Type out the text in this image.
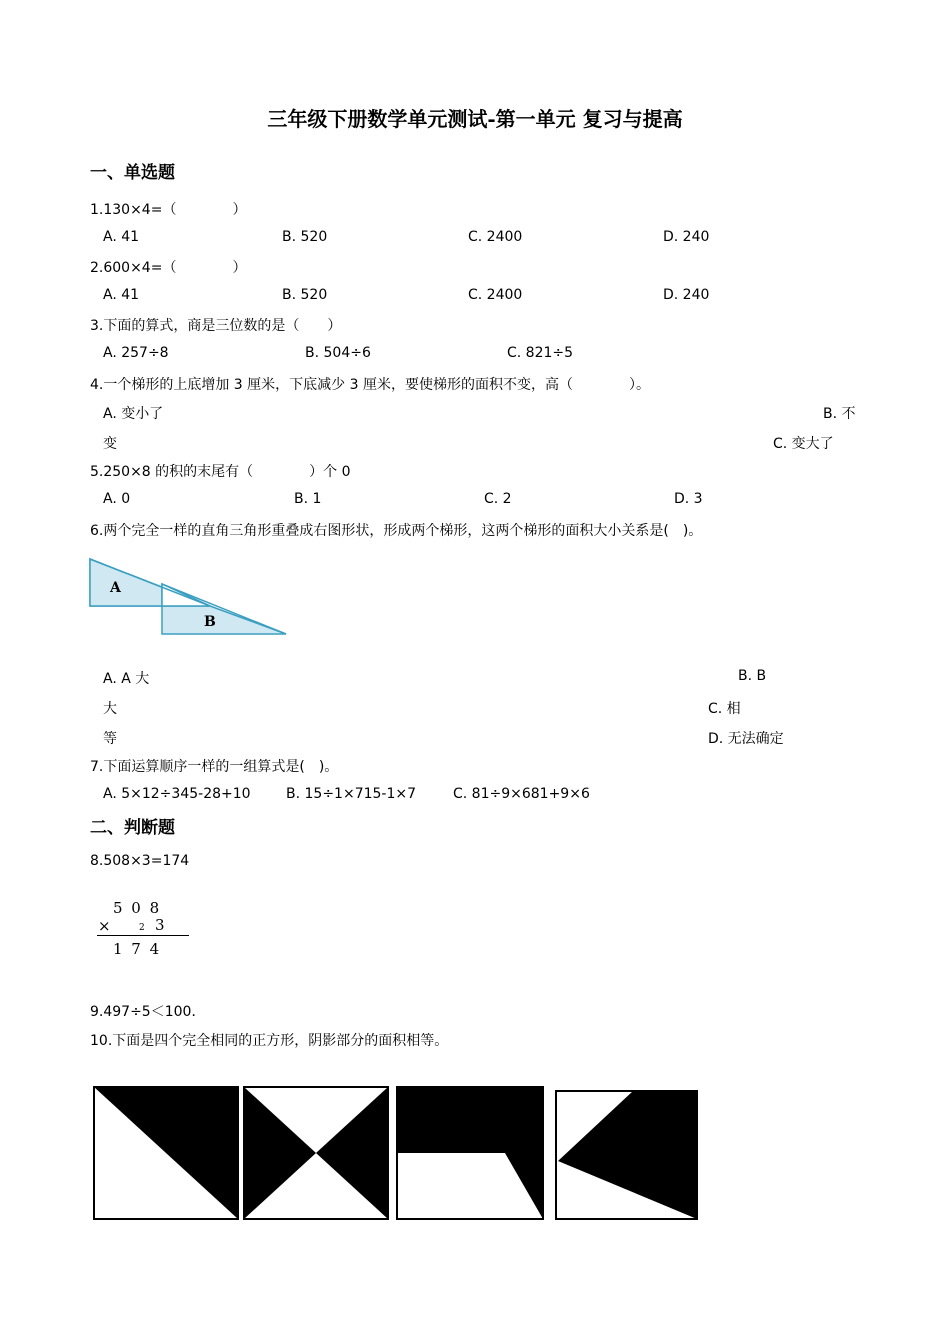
三年级下册数学单元测试-第一单元 复习与提高
一、单选题
1.130×4=（　　　　）
A. 41	B. 520	C. 2400	D. 240
2.600×4=（　　　　）
A. 41	B. 520	C. 2400	D. 240
3.下面的算式，商是三位数的是（　　）
A. 257÷8	B. 504÷6	C. 821÷5
4.一个梯形的上底增加 3 厘米，下底减少 3 厘米，要使梯形的面积不变，高（　　　　）。
A. 变小了	B. 不
变	C. 变大了
5.250×8 的积的末尾有（　　　　）个 0
A. 0	B. 1	C. 2	D. 3
6.两个完全一样的直角三角形重叠成右图形状，形成两个梯形，这两个梯形的面积大小关系是(　)。
A
B
A. A 大	B. B
大	C. 相
等	D. 无法确定
7.下面运算顺序一样的一组算式是(　)。
A. 5×12÷345-28+10	B. 15÷1×715-1×7	C. 81÷9×681+9×6
二、判断题
8.508×3=174
5 0 8
×	2 3
1 7 4
9.497÷5＜100．
10.下面是四个完全相同的正方形，阴影部分的面积相等。
